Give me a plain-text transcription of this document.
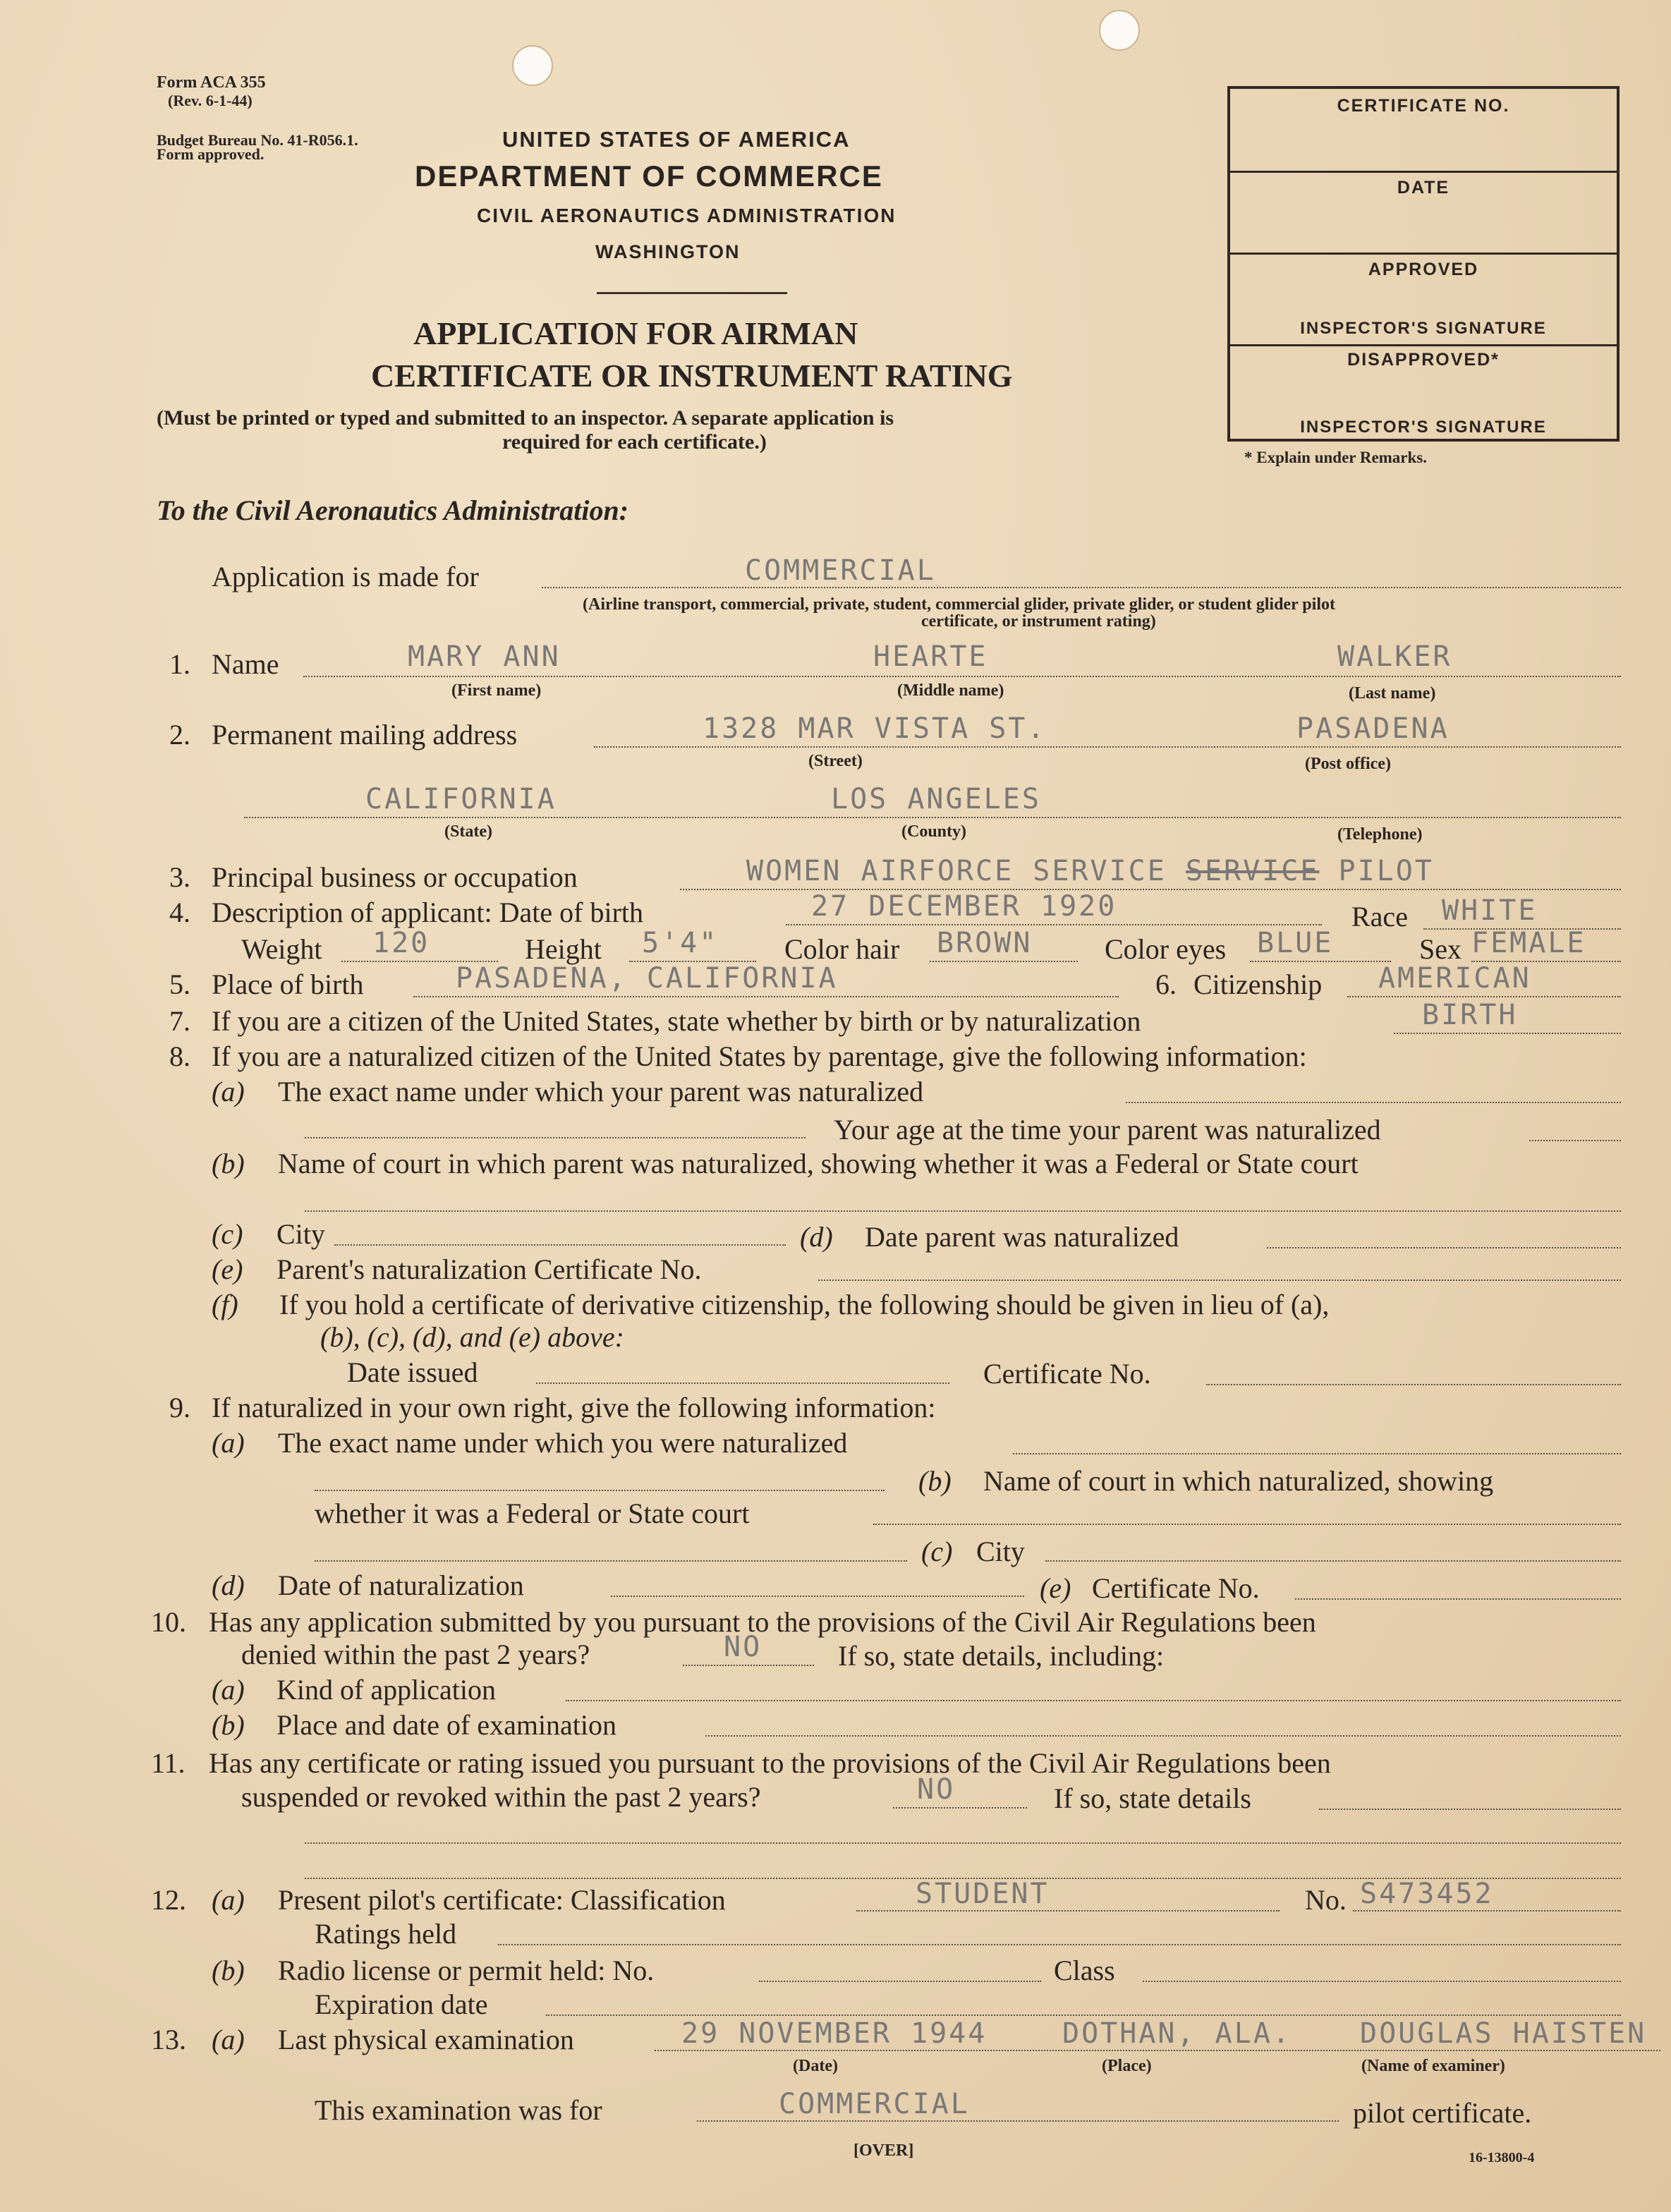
Form ACA 355
(Rev. 6-1-44)
Budget Bureau No. 41-R056.1.
Form approved.
UNITED STATES OF AMERICA
DEPARTMENT OF COMMERCE
CIVIL AERONAUTICS ADMINISTRATION
WASHINGTON
APPLICATION FOR AIRMAN
CERTIFICATE OR INSTRUMENT RATING
(Must be printed or typed and submitted to an inspector. A separate application is
required for each certificate.)
CERTIFICATE NO.
DATE
APPROVED
INSPECTOR'S SIGNATURE
DISAPPROVED*
INSPECTOR'S SIGNATURE
* Explain under Remarks.
To the Civil Aeronautics Administration:
Application is made for	COMMERCIAL
(Airline transport, commercial, private, student, commercial glider, private glider, or student glider pilot
certificate, or instrument rating)
1. Name	MARY ANN	HEARTE	WALKER
(First name)	(Middle name)	(Last name)
2. Permanent mailing address	1328 MAR VISTA ST.	PASADENA
(Street)	(Post office)
CALIFORNIA	LOS ANGELES
(State)	(County)	(Telephone)
3. Principal business or occupation	WOMEN AIRFORCE SERVICE SERVICE PILOT
4. Description of applicant: Date of birth	27 DECEMBER 1920	Race WHITE
Weight 120	Height 5'4" Color hair BROWN	Color eyes BLUE	Sex FEMALE
5. Place of birth	PASADENA, CALIFORNIA	6. Citizenship AMERICAN
7. If you are a citizen of the United States, state whether by birth or by naturalization	BIRTH
8. If you are a naturalized citizen of the United States by parentage, give the following information:
(a) The exact name under which your parent was naturalized
Your age at the time your parent was naturalized
(b) Name of court in which parent was naturalized, showing whether it was a Federal or State court
(c) City	(d) Date parent was naturalized
(e) Parent's naturalization Certificate No.
(f) If you hold a certificate of derivative citizenship, the following should be given in lieu of (a),
(b), (c), (d), and (e) above:
Date issued	Certificate No.
9. If naturalized in your own right, give the following information:
(a) The exact name under which you were naturalized
(b) Name of court in which naturalized, showing
whether it was a Federal or State court
(c) City
(d) Date of naturalization	(e) Certificate No.
10. Has any application submitted by you pursuant to the provisions of the Civil Air Regulations been
denied within the past 2 years?	NO	If so, state details, including:
(a) Kind of application
(b) Place and date of examination
11. Has any certificate or rating issued you pursuant to the provisions of the Civil Air Regulations been
suspended or revoked within the past 2 years?	NO	If so, state details
12. (a) Present pilot's certificate: Classification	STUDENT	No. S473452
Ratings held
(b) Radio license or permit held: No.	Class
Expiration date
13. (a) Last physical examination	29 NOVEMBER 1944	DOTHAN, ALA. DOUGLAS HAISTEN
(Date)	(Place)	(Name of examiner)
This examination was for	COMMERCIAL	pilot certificate.
[OVER]	16-13800-4
